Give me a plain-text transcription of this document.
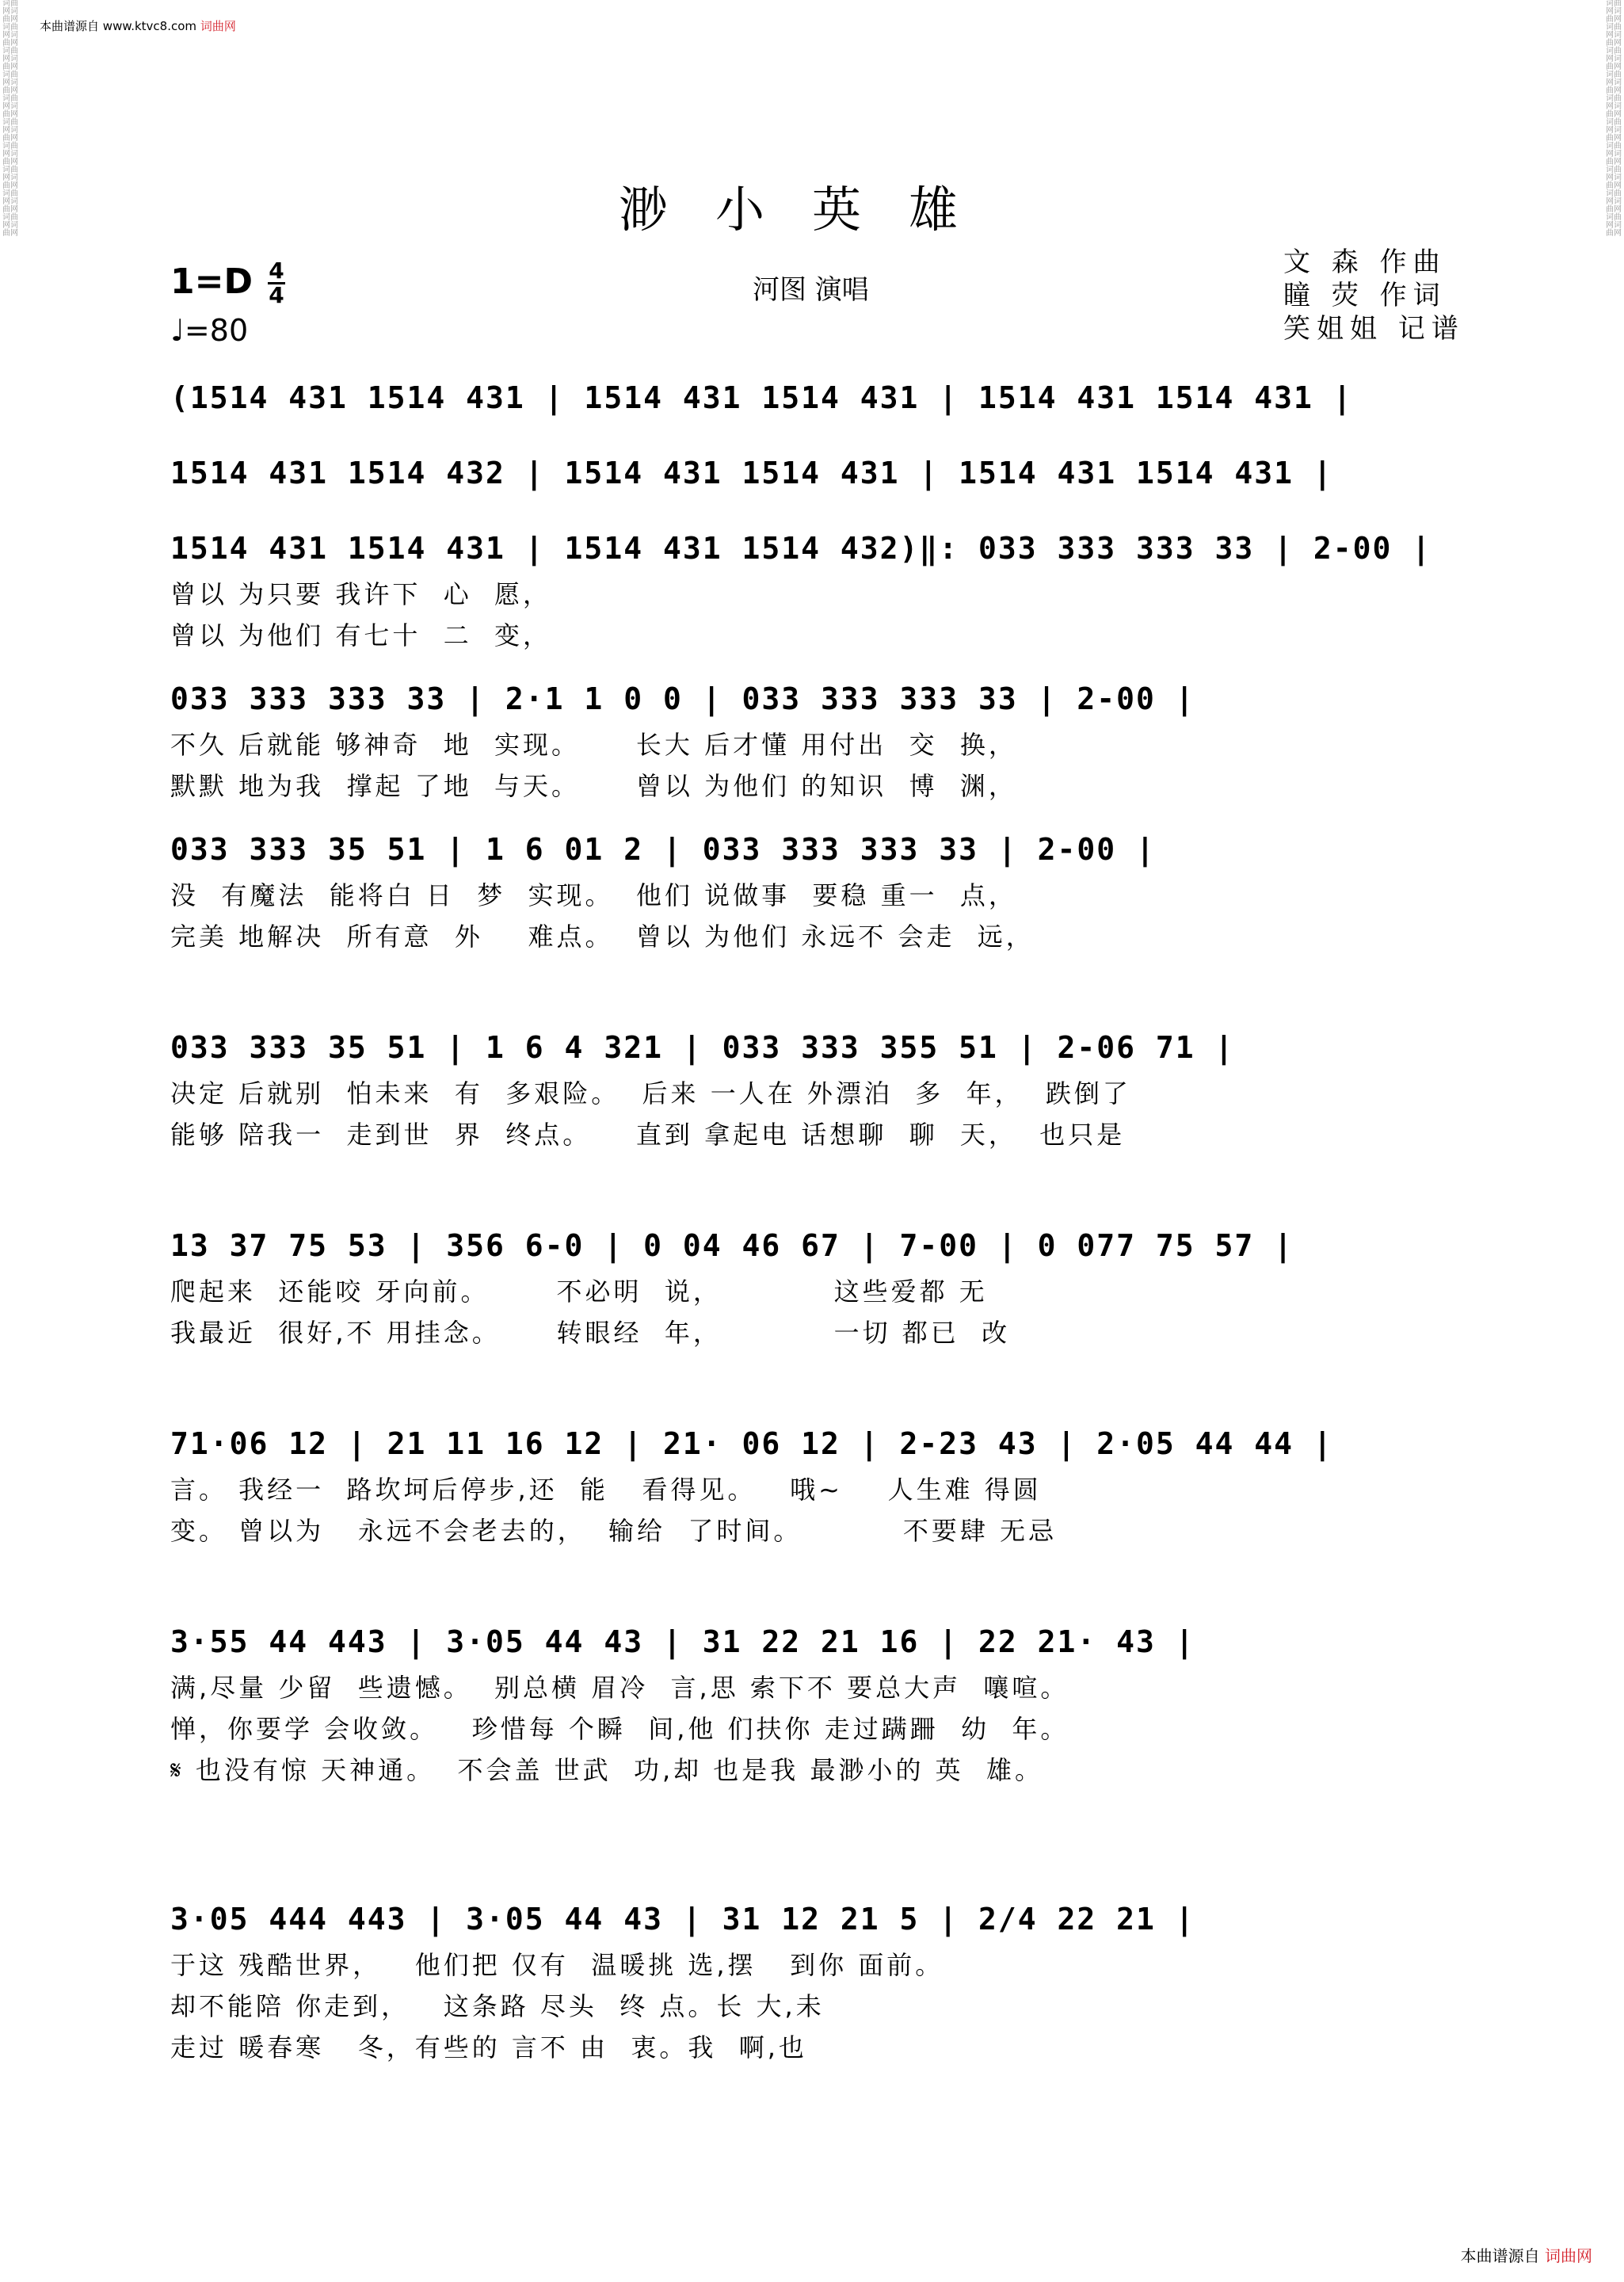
本曲谱源自 www.ktvc8.com 词曲网
词曲网词曲网词曲网词曲网词曲网词曲网词曲网词曲网词曲网词曲网词曲网词曲网词曲网词曲网词曲网词曲网词曲网词曲网词曲网词曲网
词曲网词曲网词曲网词曲网词曲网词曲网词曲网词曲网词曲网词曲网词曲网词曲网词曲网词曲网词曲网词曲网词曲网词曲网词曲网词曲网
渺小英雄
1=D 4
4
♩=80
河图 演唱
文 森 作曲
瞳 荧 作词
笑姐姐 记谱
(1514 431 1514 431 | 1514 431 1514 431 | 1514 431 1514 431 |
1514 431 1514 432 | 1514 431 1514 431 | 1514 431 1514 431 |
1514 431 1514 431 | 1514 431 1514 432)‖: 033 333 333 33 | 2-00 |
曾以 为只要 我许下  心  愿，
曾以 为他们 有七十  二  变，
033 333 333 33 | 2·1 1 0 0 | 033 333 333 33 | 2-00 |
不久 后就能 够神奇  地  实现。     长大 后才懂 用付出  交  换，
默默 地为我  撑起 了地  与天。     曾以 为他们 的知识  博  渊，
033 333 35 51 | 1 6 01 2 | 033 333 333 33 | 2-00 |
没  有魔法  能将白 日  梦  实现。  他们 说做事  要稳 重一  点，
完美 地解决  所有意  外    难点。  曾以 为他们 永远不 会走  远，
033 333 35 51 | 1 6 4 321 | 033 333 355 51 | 2-06 71 |
决定 后就别  怕未来  有  多艰险。  后来 一人在 外漂泊  多  年，  跌倒了
能够 陪我一  走到世  界  终点。    直到 拿起电 话想聊  聊  天，  也只是
13 37 75 53 | 356 6-0 | 0 04 46 67 | 7-00 | 0 077 75 57 |
爬起来  还能咬 牙向前。      不必明  说，          这些爱都 无
我最近  很好,不 用挂念。     转眼经  年，          一切 都已  改
71·06 12 | 21 11 16 12 | 21· 06 12 | 2-23 43 | 2·05 44 44 |
言。 我经一  路坎坷后停步,还  能   看得见。   哦~    人生难 得圆
变。 曾以为   永远不会老去的，  输给  了时间。         不要肆 无忌
3·55 44 443 | 3·05 44 43 | 31 22 21 16 | 22 21· 43 |
满,尽量 少留  些遗憾。  别总横 眉冷  言,思 索下不 要总大声  嚷喧。
惮，你要学 会收敛。   珍惜每 个瞬  间,他 们扶你 走过蹒跚  幼  年。
𝄋 也没有惊 天神通。  不会盖 世武  功,却 也是我 最渺小的 英  雄。
3·05 444 443 | 3·05 44 43 | 31 12 21 5 | 2/4 22 21 |
于这 残酷世界，   他们把 仅有  温暖挑 选,摆   到你 面前。
却不能陪 你走到，   这条路 尽头  终 点。长 大,未
走过 暖春寒   冬，有些的 言不 由  衷。我  啊,也
本曲谱源自 词曲网
